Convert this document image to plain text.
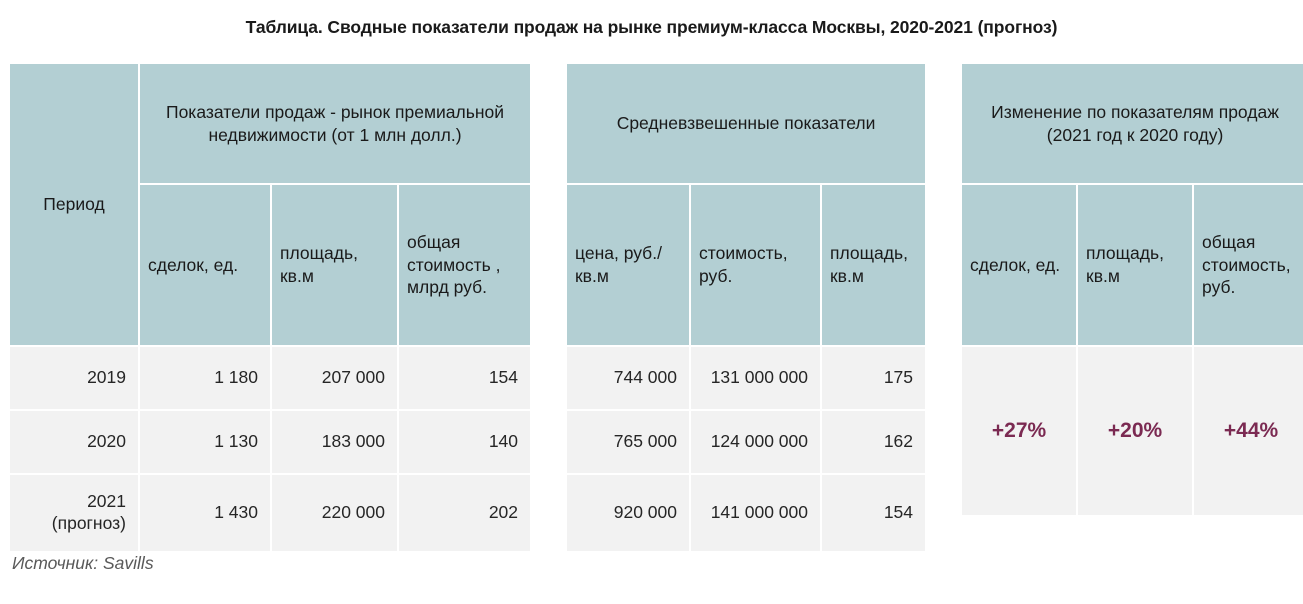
Таблица. Сводные показатели продаж на рынке премиум-класса Москвы, 2020-2021 (прогноз)
Период	Показатели продаж - рынок премиальной недвижимости (от 1 млн долл.)		
	сделок, ед.	площадь, кв.м	общая стоимость , млрд руб.
2019	1 180	207 000	154
2020	1 130	183 000	140
2021 (прогноз)	1 430	220 000	202
Средневзвешенные показатели		
цена, руб./кв.м	стоимость, руб.	площадь, кв.м
744 000	131 000 000	175
765 000	124 000 000	162
920 000	141 000 000	154
Изменение по показателям продаж (2021 год к 2020 году)		
сделок, ед.	площадь, кв.м	общая стоимость, руб.
+27%	+20%	+44%
Источник: Savills
